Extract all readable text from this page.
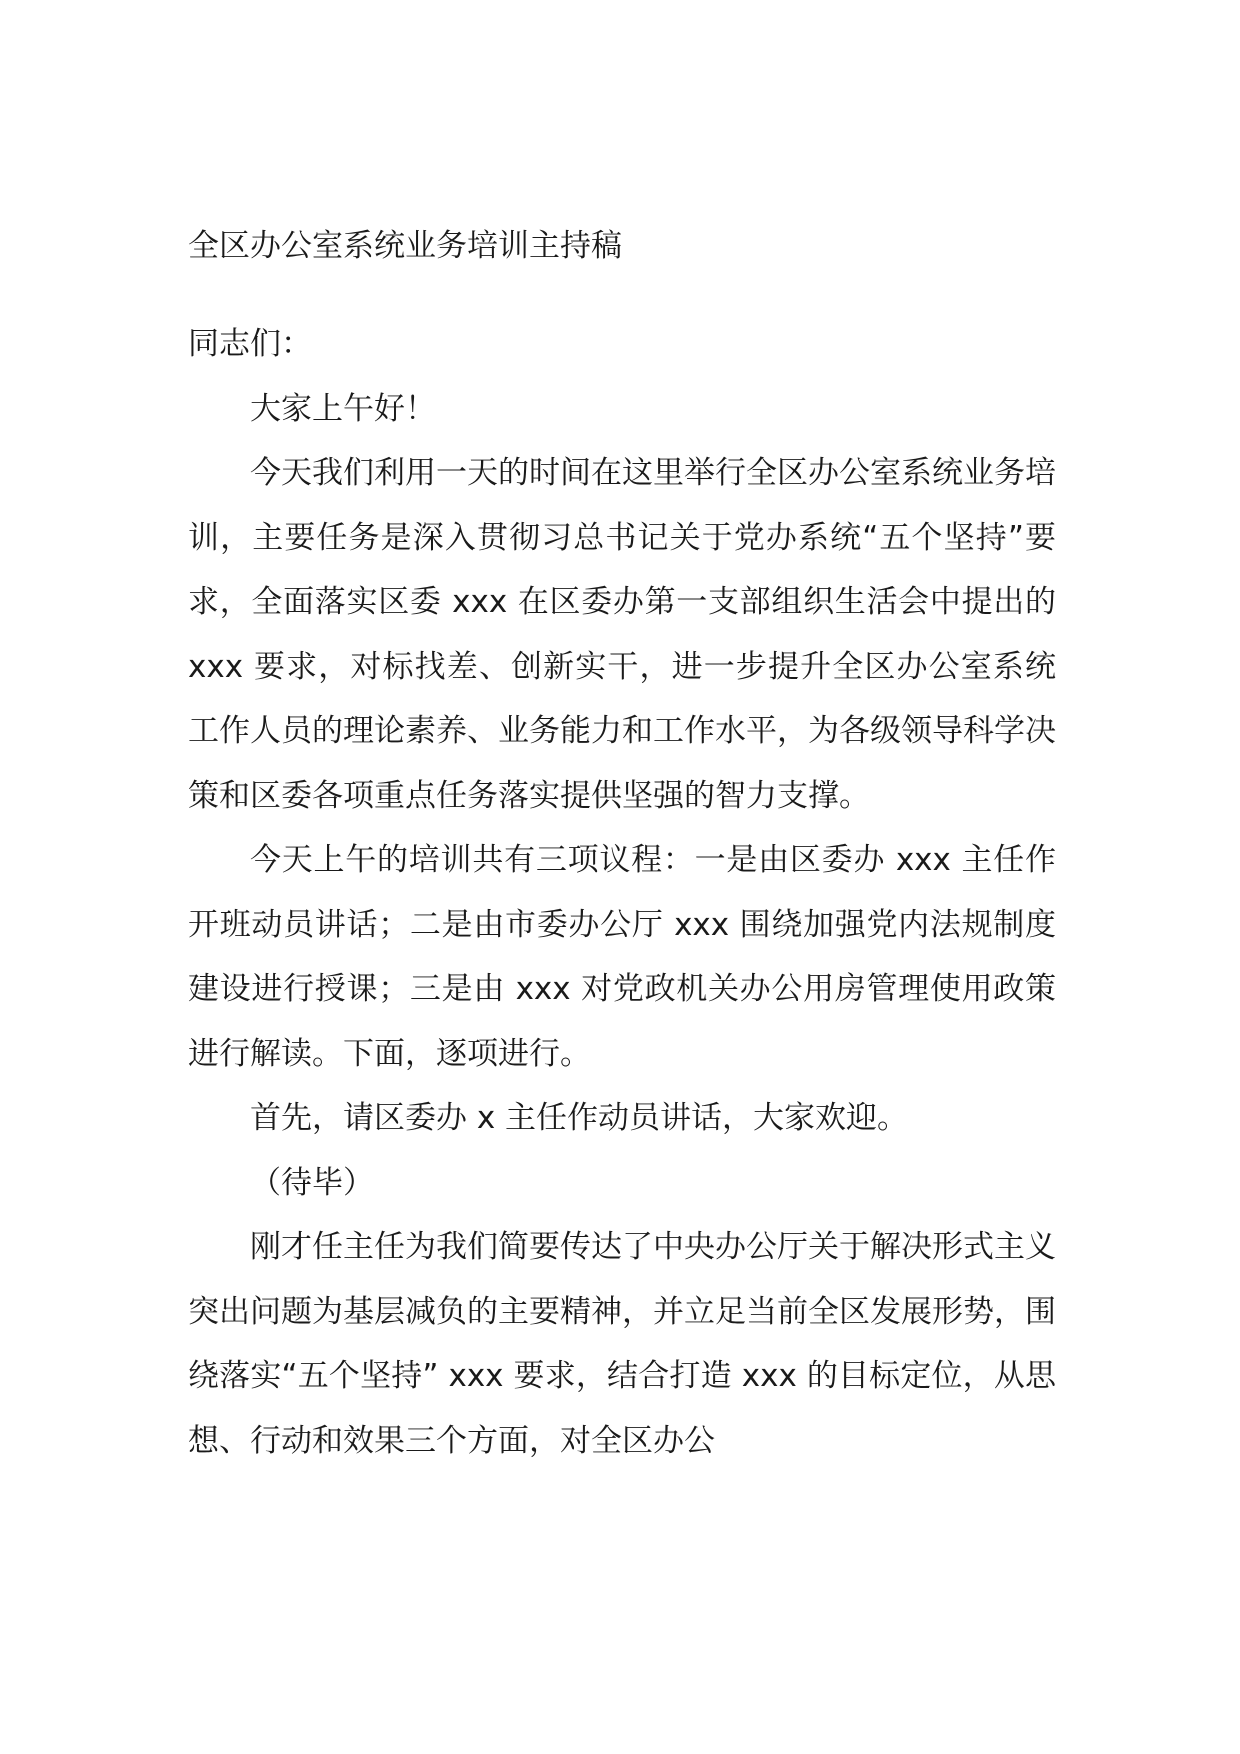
全区办公室系统业务培训主持稿

同志们：

大家上午好！

今天我们利用一天的时间在这里举行全区办公室系统业务培训，主要任务是深入贯彻习总书记关于党办系统“五个坚持”要求，全面落实区委 xxx 在区委办第一支部组织生活会中提出的 xxx 要求，对标找差、创新实干，进一步提升全区办公室系统工作人员的理论素养、业务能力和工作水平，为各级领导科学决策和区委各项重点任务落实提供坚强的智力支撑。

今天上午的培训共有三项议程：一是由区委办 xxx 主任作开班动员讲话；二是由市委办公厅 xxx 围绕加强党内法规制度建设进行授课；三是由 xxx 对党政机关办公用房管理使用政策进行解读。下面，逐项进行。

首先，请区委办 x 主任作动员讲话，大家欢迎。

（待毕）

刚才任主任为我们简要传达了中央办公厅关于解决形式主义突出问题为基层减负的主要精神，并立足当前全区发展形势，围绕落实“五个坚持” xxx 要求，结合打造 xxx 的目标定位，从思想、行动和效果三个方面，对全区办公
